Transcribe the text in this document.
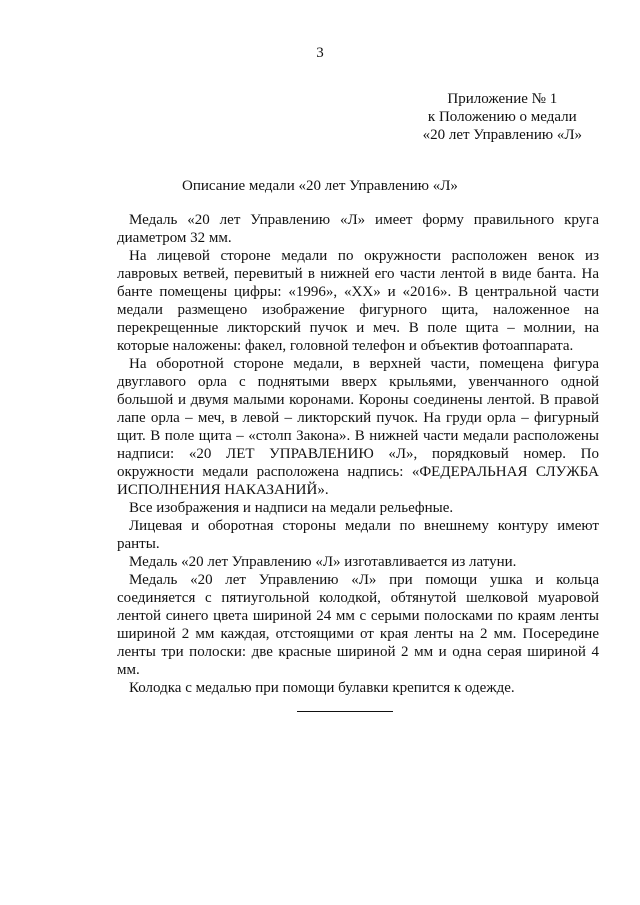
3
Приложение № 1
к Положению о медали
«20 лет Управлению «Л»
Описание медали «20 лет Управлению «Л»

Медаль «20 лет Управлению «Л» имеет форму правильного круга диаметром 32 мм.

На лицевой стороне медали по окружности расположен венок из лавровых ветвей, перевитый в нижней его части лентой в виде банта. На банте помещены цифры: «1996», «ХХ» и «2016». В центральной части медали размещено изображение фигурного щита, наложенное на перекрещенные ликторский пучок и меч. В поле щита – молнии, на которые наложены: факел, головной телефон и объектив фотоаппарата.

На оборотной стороне медали, в верхней части, помещена фигура двуглавого орла с поднятыми вверх крыльями, увенчанного одной большой и двумя малыми коронами. Короны соединены лентой. В правой лапе орла – меч, в левой – ликторский пучок. На груди орла – фигурный щит. В поле щита – «столп Закона». В нижней части медали расположены надписи: «20 ЛЕТ УПРАВЛЕНИЮ «Л», порядковый номер. По окружности медали расположена надпись: «ФЕДЕРАЛЬНАЯ СЛУЖБА ИСПОЛНЕНИЯ НАКАЗАНИЙ».

Все изображения и надписи на медали рельефные.

Лицевая и оборотная стороны медали по внешнему контуру имеют ранты.

Медаль «20 лет Управлению «Л» изготавливается из латуни.

Медаль «20 лет Управлению «Л» при помощи ушка и кольца соединяется с пятиугольной колодкой, обтянутой шелковой муаровой лентой синего цвета шириной 24 мм с серыми полосками по краям ленты шириной 2 мм каждая, отстоящими от края ленты на 2 мм. Посередине ленты три полоски: две красные шириной 2 мм и одна серая шириной 4 мм.

Колодка с медалью при помощи булавки крепится к одежде.
